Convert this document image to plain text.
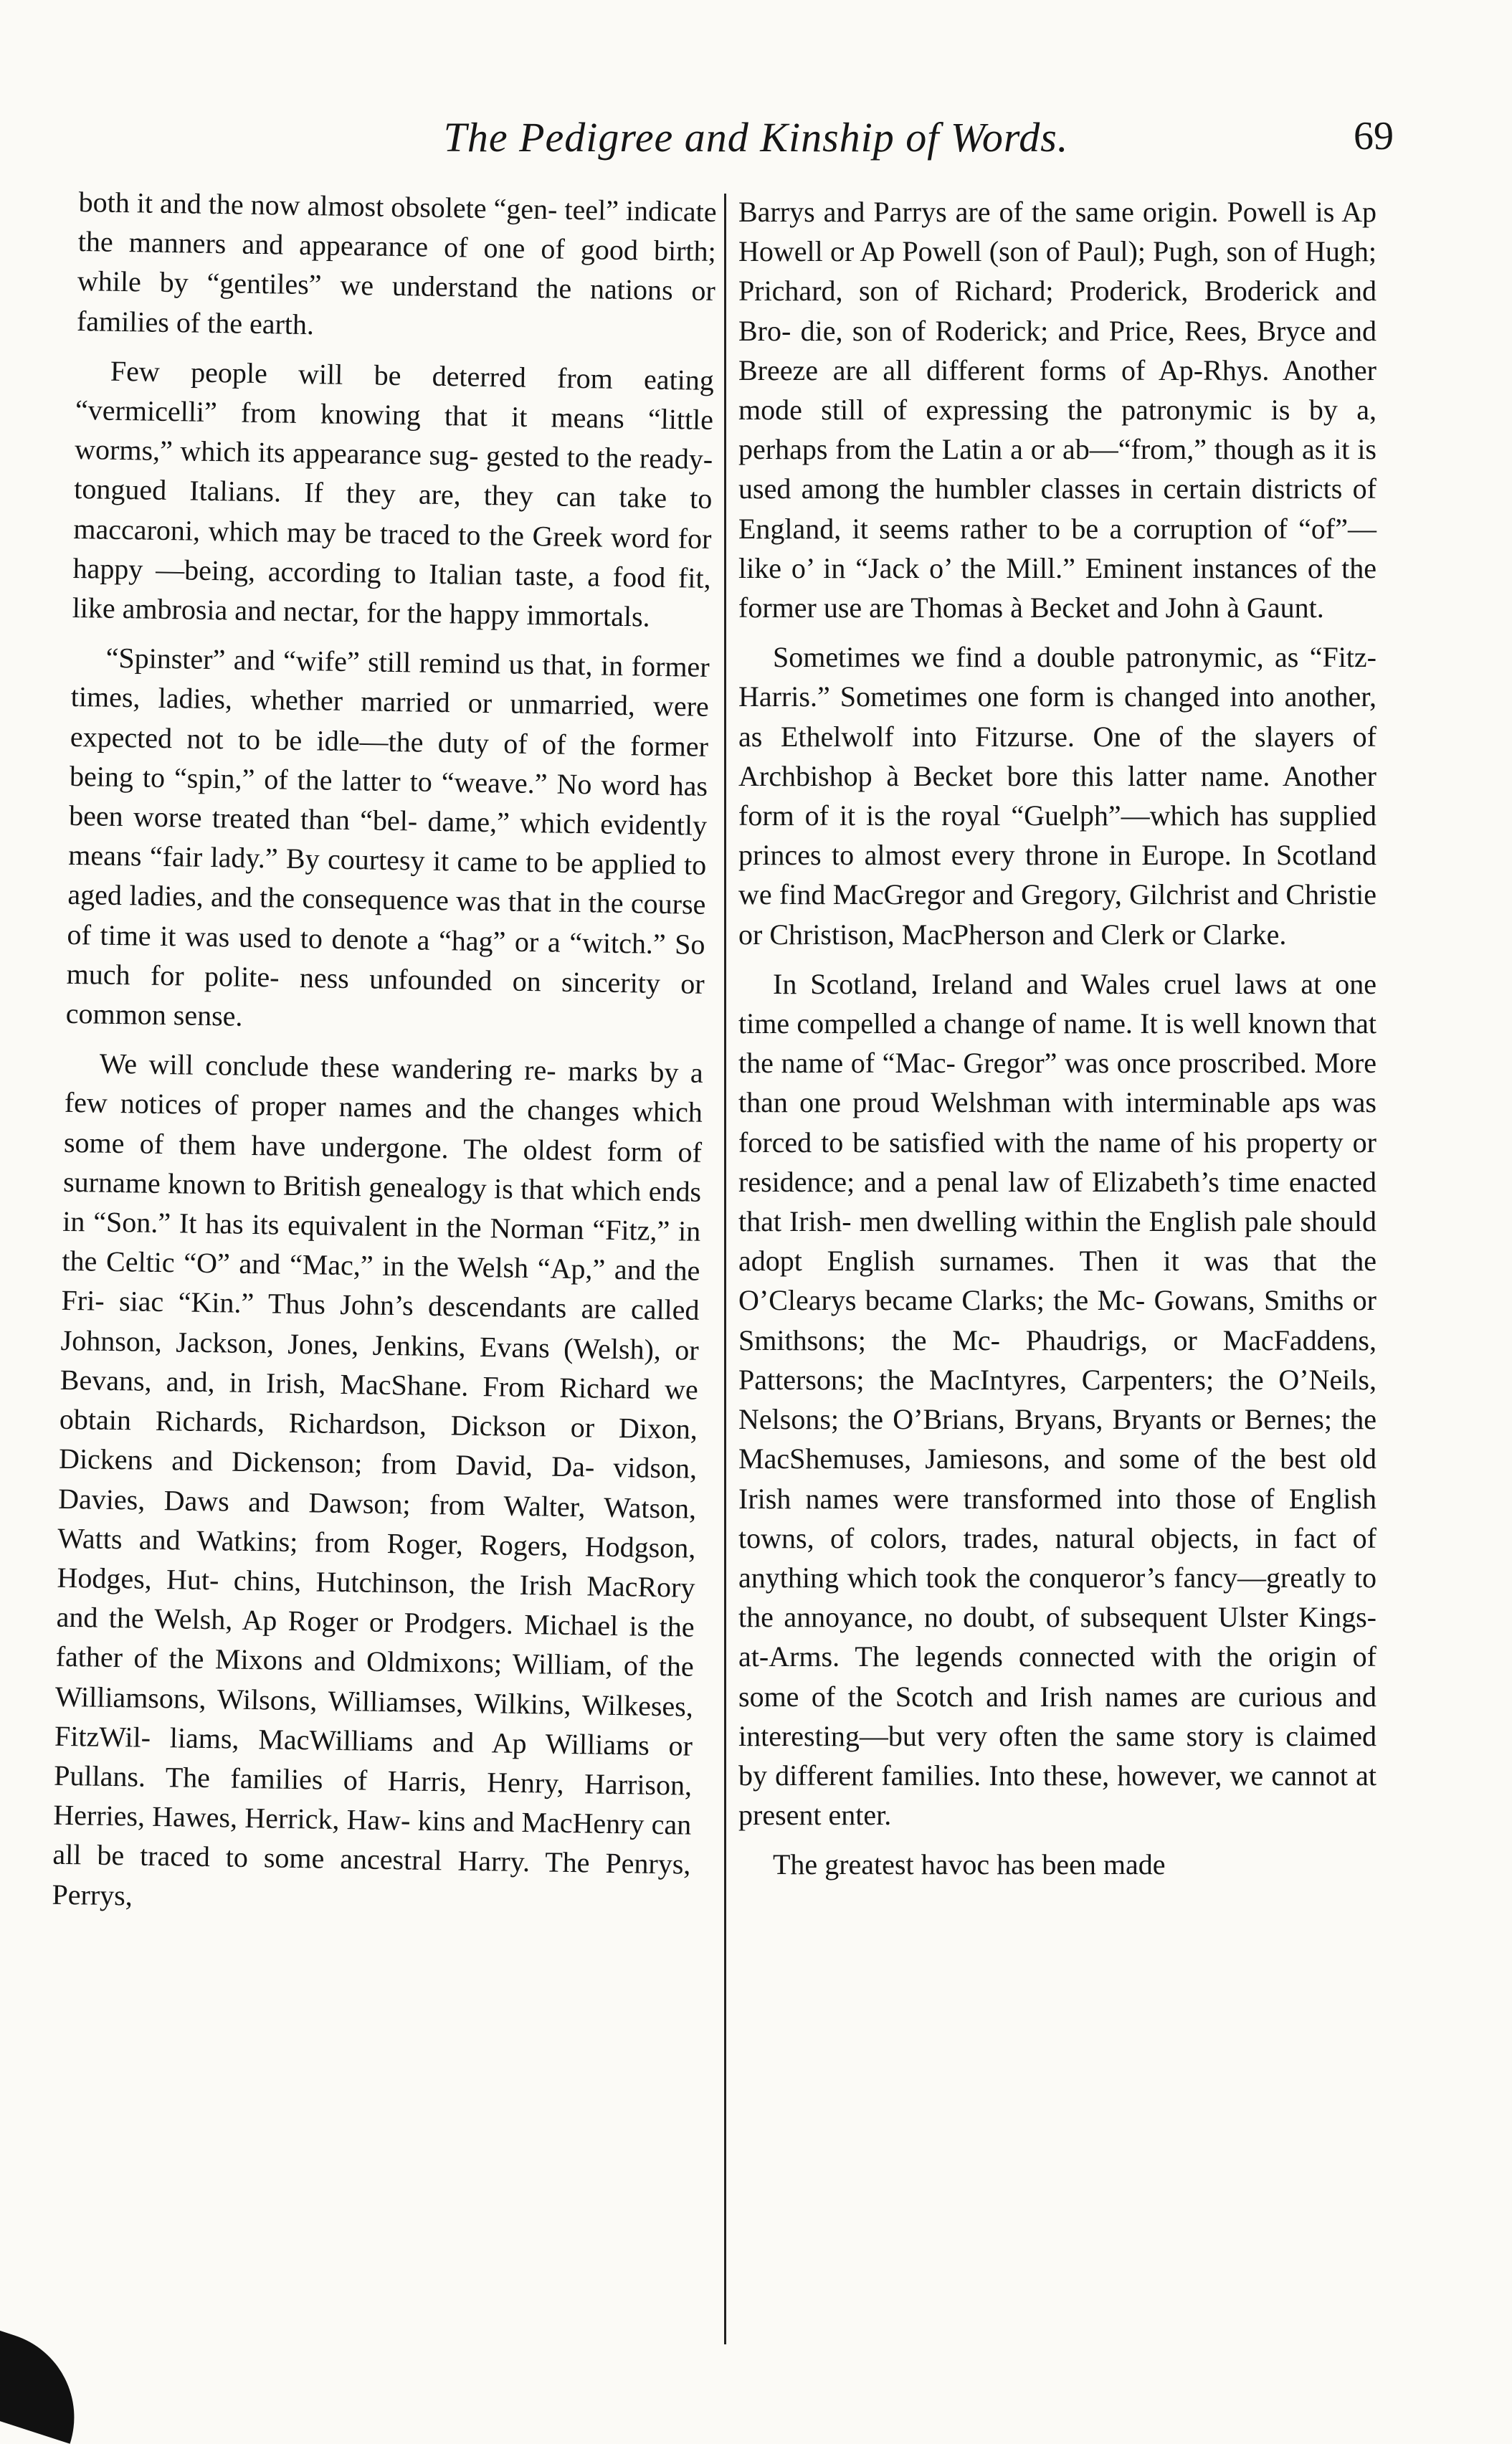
The Pedigree and Kinship of Words.	69

both it and the now almost obsolete “gen- teel” indicate the manners and appearance of one of good birth; while by “gentiles” we understand the nations or families of the earth.

Few people will be deterred from eating “vermicelli” from knowing that it means “little worms,” which its appearance sug- gested to the ready-tongued Italians. If they are, they can take to maccaroni, which may be traced to the Greek word for happy —being, according to Italian taste, a food fit, like ambrosia and nectar, for the happy immortals.

“Spinster” and “wife” still remind us that, in former times, ladies, whether married or unmarried, were expected not to be idle—the duty of of the former being to “spin,” of the latter to “weave.” No word has been worse treated than “bel- dame,” which evidently means “fair lady.” By courtesy it came to be applied to aged ladies, and the consequence was that in the course of time it was used to denote a “hag” or a “witch.” So much for polite- ness unfounded on sincerity or common sense.

We will conclude these wandering re- marks by a few notices of proper names and the changes which some of them have undergone. The oldest form of surname known to British genealogy is that which ends in “Son.” It has its equivalent in the Norman “Fitz,” in the Celtic “O” and “Mac,” in the Welsh “Ap,” and the Fri- siac “Kin.” Thus John’s descendants are called Johnson, Jackson, Jones, Jenkins, Evans (Welsh), or Bevans, and, in Irish, MacShane. From Richard we obtain Richards, Richardson, Dickson or Dixon, Dickens and Dickenson; from David, Da- vidson, Davies, Daws and Dawson; from Walter, Watson, Watts and Watkins; from Roger, Rogers, Hodgson, Hodges, Hut- chins, Hutchinson, the Irish MacRory and the Welsh, Ap Roger or Prodgers. Michael is the father of the Mixons and Oldmixons; William, of the Williamsons, Wilsons, Williamses, Wilkins, Wilkeses, FitzWil- liams, MacWilliams and Ap Williams or Pullans. The families of Harris, Henry, Harrison, Herries, Hawes, Herrick, Haw- kins and MacHenry can all be traced to some ancestral Harry. The Penrys, Perrys,

Barrys and Parrys are of the same origin. Powell is Ap Howell or Ap Powell (son of Paul); Pugh, son of Hugh; Prichard, son of Richard; Proderick, Broderick and Bro- die, son of Roderick; and Price, Rees, Bryce and Breeze are all different forms of Ap-Rhys. Another mode still of expressing the patronymic is by a, perhaps from the Latin a or ab—“from,” though as it is used among the humbler classes in certain districts of England, it seems rather to be a corruption of “of”—like o’ in “Jack o’ the Mill.” Eminent instances of the former use are Thomas à Becket and John à Gaunt.

Sometimes we find a double patronymic, as “Fitz-Harris.” Sometimes one form is changed into another, as Ethelwolf into Fitzurse. One of the slayers of Archbishop à Becket bore this latter name. Another form of it is the royal “Guelph”—which has supplied princes to almost every throne in Europe. In Scotland we find MacGregor and Gregory, Gilchrist and Christie or Christison, MacPherson and Clerk or Clarke.

In Scotland, Ireland and Wales cruel laws at one time compelled a change of name. It is well known that the name of “Mac- Gregor” was once proscribed. More than one proud Welshman with interminable aps was forced to be satisfied with the name of his property or residence; and a penal law of Elizabeth’s time enacted that Irish- men dwelling within the English pale should adopt English surnames. Then it was that the O’Clearys became Clarks; the Mc- Gowans, Smiths or Smithsons; the Mc- Phaudrigs, or MacFaddens, Pattersons; the MacIntyres, Carpenters; the O’Neils, Nelsons; the O’Brians, Bryans, Bryants or Bernes; the MacShemuses, Jamiesons, and some of the best old Irish names were transformed into those of English towns, of colors, trades, natural objects, in fact of anything which took the conqueror’s fancy—greatly to the annoyance, no doubt, of subsequent Ulster Kings-at-Arms. The legends connected with the origin of some of the Scotch and Irish names are curious and interesting—but very often the same story is claimed by different families. Into these, however, we cannot at present enter.

The greatest havoc has been made
